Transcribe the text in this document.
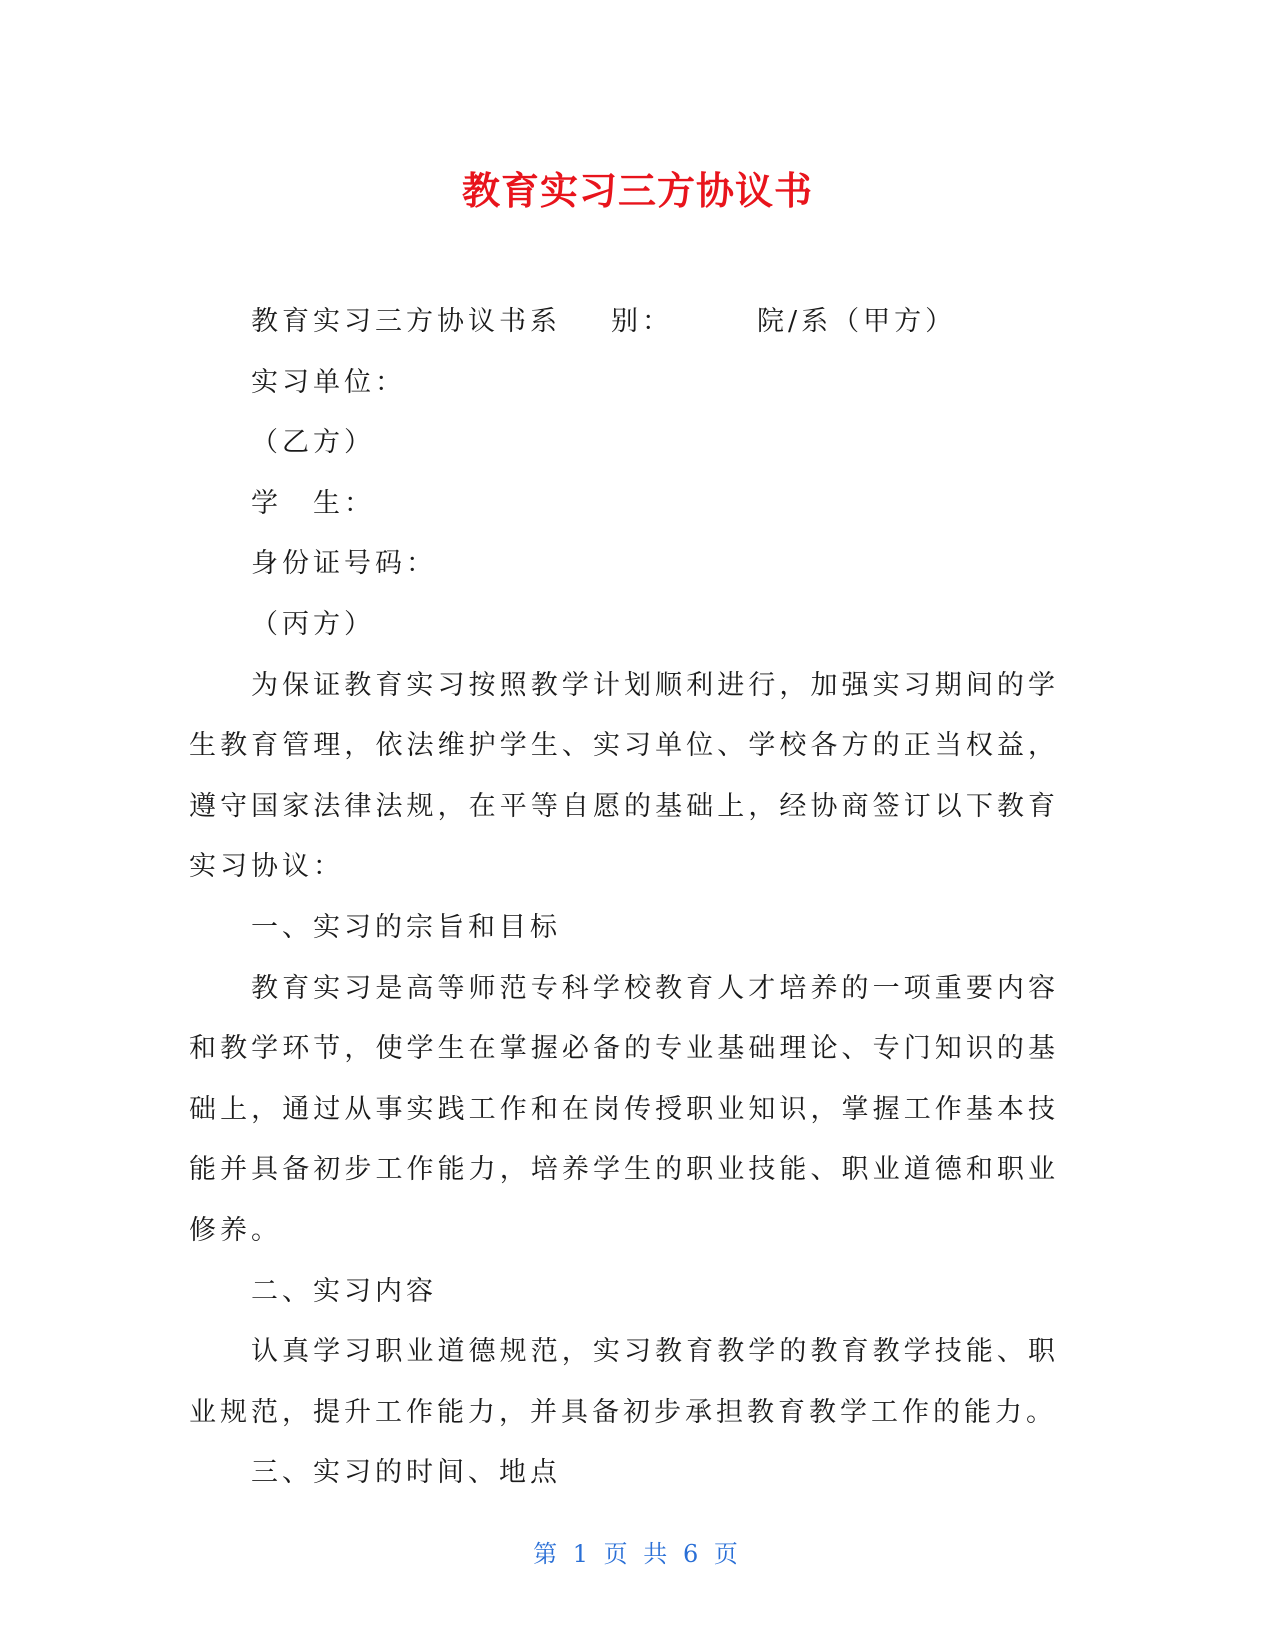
教育实习三方协议书

教育实习三方协议书系 别：	院/系（甲方）

实习单位：

（乙方）

学　生：

身份证号码：

（丙方）

为保证教育实习按照教学计划顺利进行，加强实习期间的学生教育管理，依法维护学生、实习单位、学校各方的正当权益，遵守国家法律法规，在平等自愿的基础上，经协商签订以下教育实习协议：

一、实习的宗旨和目标

教育实习是高等师范专科学校教育人才培养的一项重要内容和教学环节，使学生在掌握必备的专业基础理论、专门知识的基础上，通过从事实践工作和在岗传授职业知识，掌握工作基本技能并具备初步工作能力，培养学生的职业技能、职业道德和职业修养。

二、实习内容

认真学习职业道德规范，实习教育教学的教育教学技能、职业规范，提升工作能力，并具备初步承担教育教学工作的能力。

三、实习的时间、地点

第 1 页 共 6 页
